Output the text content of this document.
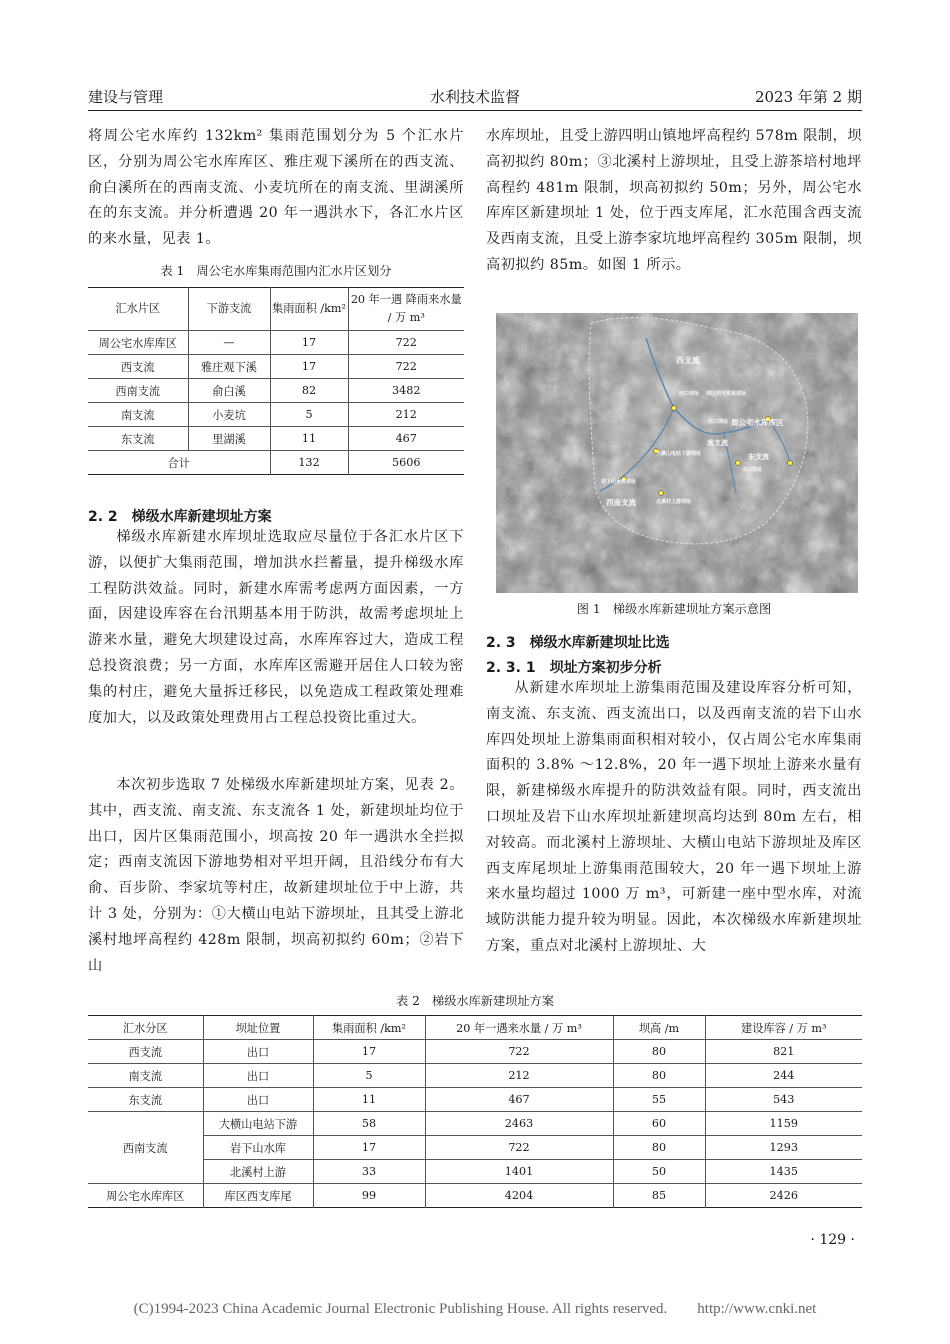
建设与管理	水利技术监督	2023 年第 2 期

将周公宅水库约 132km² 集雨范围划分为 5 个汇水片区，分别为周公宅水库库区、雅庄观下溪所在的西支流、俞白溪所在的西南支流、小麦坑所在的南支流、里湖溪所在的东支流。并分析遭遇 20 年一遇洪水下，各汇水片区的来水量，见表 1。

表 1　周公宅水库集雨范围内汇水片区划分
汇水片区	下游支流	集雨面积 /km²	20 年一遇 降雨来水量 / 万 m³
周公宅水库库区	—	17	722
西支流	雅庄观下溪	17	722
西南支流	俞白溪	82	3482
南支流	小麦坑	5	212
东支流	里湖溪	11	467
合计		132	5606
2. 2　梯级水库新建坝址方案

梯级水库新建水库坝址选取应尽量位于各汇水片区下游，以便扩大集雨范围，增加洪水拦蓄量，提升梯级水库工程防洪效益。同时，新建水库需考虑两方面因素，一方面，因建设库容在台汛期基本用于防洪，故需考虑坝址上游来水量，避免大坝建设过高，水库库容过大，造成工程总投资浪费；另一方面，水库库区需避开居住人口较为密集的村庄，避免大量拆迁移民，以免造成工程政策处理难度加大，以及政策处理费用占工程总投资比重过大。

本次初步选取 7 处梯级水库新建坝址方案，见表 2。其中，西支流、南支流、东支流各 1 处，新建坝址均位于出口，因片区集雨范围小，坝高按 20 年一遇洪水全拦拟定；西南支流因下游地势相对平坦开阔，且沿线分布有大俞、百步阶、李家坑等村庄，故新建坝址位于中上游，共计 3 处，分别为：①大横山电站下游坝址，且其受上游北溪村地坪高程约 428m 限制，坝高初拟约 60m；②岩下山

水库坝址，且受上游四明山镇地坪高程约 578m 限制，坝高初拟约 80m；③北溪村上游坝址，且受上游茶培村地坪高程约 481m 限制，坝高初拟约 50m；另外，周公宅水库库区新建坝址 1 处，位于西支库尾，汇水范围含西支流及西南支流，且受上游李家坑地坪高程约 305m 限制，坝高初拟约 85m。如图 1 所示。

西支流
出口坝址 库区西支库尾坝址
出口坝址 周公宅水库库区
南支流
东支流
大横山电站下游坝址
岩下山水库坝址
出口坝址
西南支流	北溪村上游坝址
图 1　梯级水库新建坝址方案示意图
2. 3　梯级水库新建坝址比选
2. 3. 1　坝址方案初步分析

从新建水库坝址上游集雨范围及建设库容分析可知，南支流、东支流、西支流出口，以及西南支流的岩下山水库四处坝址上游集雨面积相对较小，仅占周公宅水库集雨面积的 3.8% ～12.8%，20 年一遇下坝址上游来水量有限，新建梯级水库提升的防洪效益有限。同时，西支流出口坝址及岩下山水库坝址新建坝高均达到 80m 左右，相对较高。而北溪村上游坝址、大横山电站下游坝址及库区西支库尾坝址上游集雨范围较大，20 年一遇下坝址上游来水量均超过 1000 万 m³，可新建一座中型水库，对流域防洪能力提升较为明显。因此，本次梯级水库新建坝址方案，重点对北溪村上游坝址、大

表 2　梯级水库新建坝址方案
汇水分区	坝址位置	集雨面积 /km²	20 年一遇来水量 / 万 m³	坝高 /m	建设库容 / 万 m³
西支流	出口	17	722	80	821
南支流	出口	5	212	80	244
东支流	出口	11	467	55	543
西南支流	大横山电站下游	58	2463	60	1159
	岩下山水库	17	722	80	1293
	北溪村上游	33	1401	50	1435
周公宅水库库区	库区西支库尾	99	4204	85	2426
· 129 ·
(C)1994-2023 China Academic Journal Electronic Publishing House. All rights reserved.　　http://www.cnki.net
